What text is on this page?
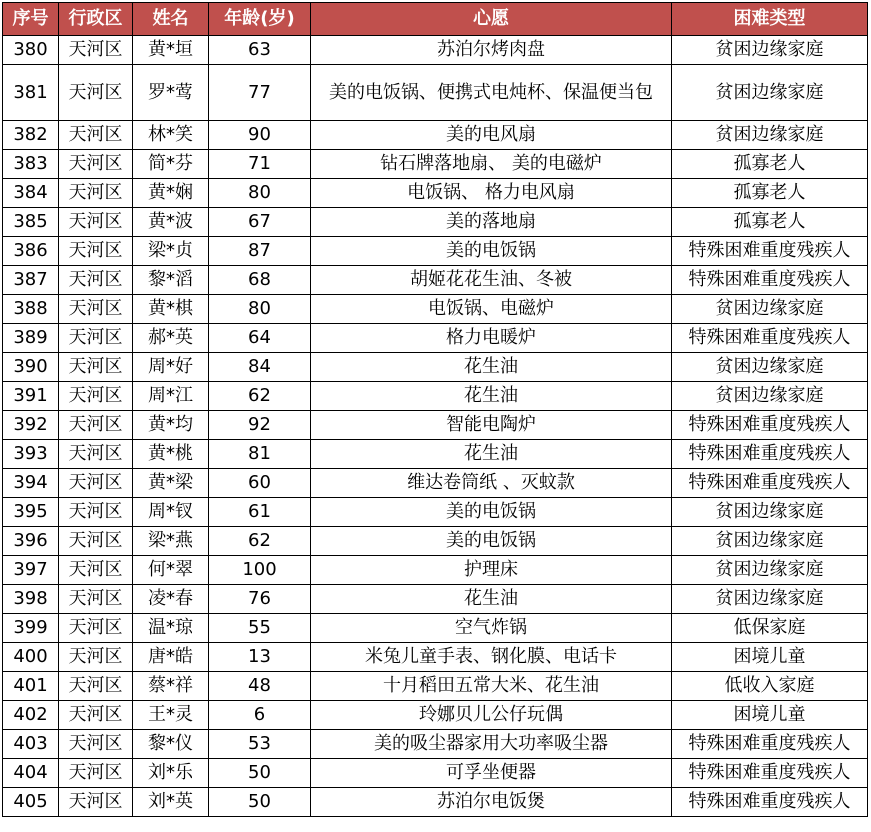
序号	行政区	姓名	年龄(岁)	心愿	困难类型
380	天河区	黄*垣	63	苏泊尔烤肉盘	贫困边缘家庭
381	天河区	罗*莺	77	美的电饭锅、便携式电炖杯、保温便当包	贫困边缘家庭
382	天河区	林*笑	90	美的电风扇	贫困边缘家庭
383	天河区	简*芬	71	钻石牌落地扇、 美的电磁炉	孤寡老人
384	天河区	黄*娴	80	电饭锅、 格力电风扇	孤寡老人
385	天河区	黄*波	67	美的落地扇	孤寡老人
386	天河区	梁*贞	87	美的电饭锅	特殊困难重度残疾人
387	天河区	黎*滔	68	胡姬花花生油、冬被	特殊困难重度残疾人
388	天河区	黄*棋	80	电饭锅、电磁炉	贫困边缘家庭
389	天河区	郝*英	64	格力电暖炉	特殊困难重度残疾人
390	天河区	周*好	84	花生油	贫困边缘家庭
391	天河区	周*江	62	花生油	贫困边缘家庭
392	天河区	黄*均	92	智能电陶炉	特殊困难重度残疾人
393	天河区	黄*桃	81	花生油	特殊困难重度残疾人
394	天河区	黄*梁	60	维达卷筒纸 、灭蚊款	特殊困难重度残疾人
395	天河区	周*钗	61	美的电饭锅	贫困边缘家庭
396	天河区	梁*燕	62	美的电饭锅	贫困边缘家庭
397	天河区	何*翠	100	护理床	贫困边缘家庭
398	天河区	凌*春	76	花生油	贫困边缘家庭
399	天河区	温*琼	55	空气炸锅	低保家庭
400	天河区	唐*皓	13	米兔儿童手表、钢化膜、电话卡	困境儿童
401	天河区	蔡*祥	48	十月稻田五常大米、花生油	低收入家庭
402	天河区	王*灵	6	玲娜贝儿公仔玩偶	困境儿童
403	天河区	黎*仪	53	美的吸尘器家用大功率吸尘器	特殊困难重度残疾人
404	天河区	刘*乐	50	可孚坐便器	特殊困难重度残疾人
405	天河区	刘*英	50	苏泊尔电饭煲	特殊困难重度残疾人
